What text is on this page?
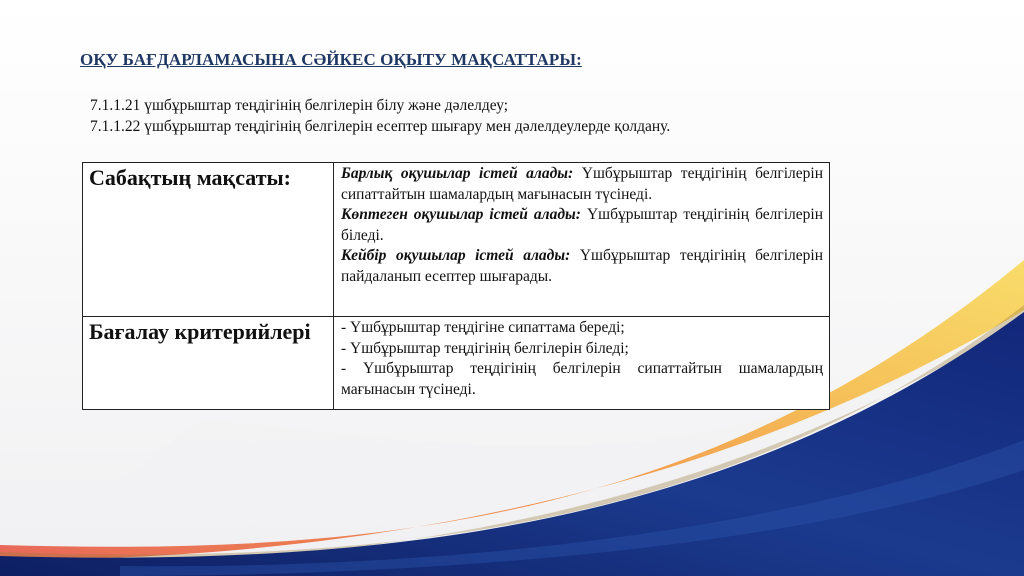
ОҚУ БАҒДАРЛАМАСЫНА СӘЙКЕС ОҚЫТУ МАҚСАТТАРЫ:
7.1.1.21 үшбұрыштар теңдігінің белгілерін білу және дәлелдеу;
7.1.1.22 үшбұрыштар теңдігінің белгілерін есептер шығару мен дәлелдеулерде қолдану.
Сабақтың мақсаты:	Барлық оқушылар істей алады: Үшбұрыштар теңдігінің белгілерін сипаттайтын шамалардың мағынасын түсінеді.
Көптеген оқушылар істей алады: Үшбұрыштар теңдігінің белгілерін біледі.
Кейбір оқушылар істей алады: Үшбұрыштар теңдігінің белгілерін пайдаланып есептер шығарады.

Бағалау критерийлері	- Үшбұрыштар теңдігіне сипаттама береді;
- Үшбұрыштар теңдігінің белгілерін біледі;
- Үшбұрыштар теңдігінің белгілерін сипаттайтын шамалардың мағынасын түсінеді.
